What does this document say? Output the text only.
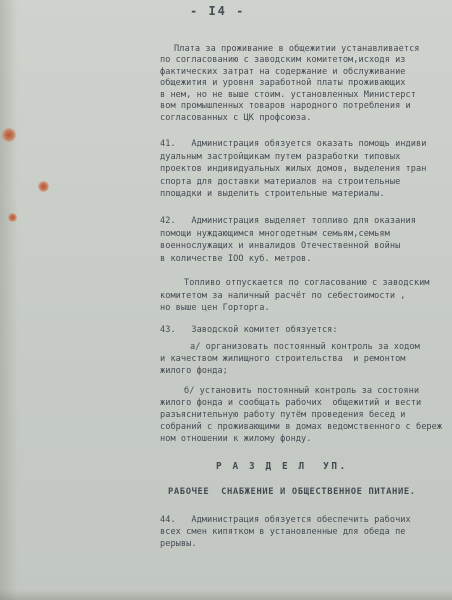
- I4 -
Плата за проживание в общежитии устанавливается
по согласованию с заводским комитетом,исходя из
фактических затрат на содержание и обслуживание
общежития и уровня заработной платы проживающих
в нем, но не выше стоим. установленных Министерст
вом промышленных товаров народного потребления и
согласованных с ЦК профсоюза.
41.   Администрация обязуется оказать помощь индиви
дуальным застройщикам путем разработки типовых
проектов индивидуальных жилых домов, выделения тран
спорта для доставки материалов на строительные
площадки и выделить строительные материалы.
42.   Администрация выделяет топливо для оказания
помощи нуждающимся многодетным семьям,семьям
военнослужащих и инвалидов Отечественной войны
в количестве IOO куб. метров.
Топливо отпускается по согласованию с заводским
комитетом за наличный расчёт по себестоимости ,
но выше цен Горторга.
43.   Заводской комитет обязуется:
а/ организовать постоянный контроль за ходом
и качеством жилищного строительства  и ремонтом
жилого фонда;
б/ установить постоянный контроль за состояни
жилого фонда и сообщать рабочих  общежитий и вести
разъяснительную работу путём проведения бесед и
собраний с проживающими в домах ведомственного с береж
ном отношении к жилому фонду.
Р А З Д Е Л  УП.
РАБОЧЕЕ  СНАБЖЕНИЕ И ОБЩЕСТВЕННОЕ ПИТАНИЕ.
44.   Администрация обязуется обеспечить рабочих
всех смен кипятком в установленные для обеда пе
рерывы.
